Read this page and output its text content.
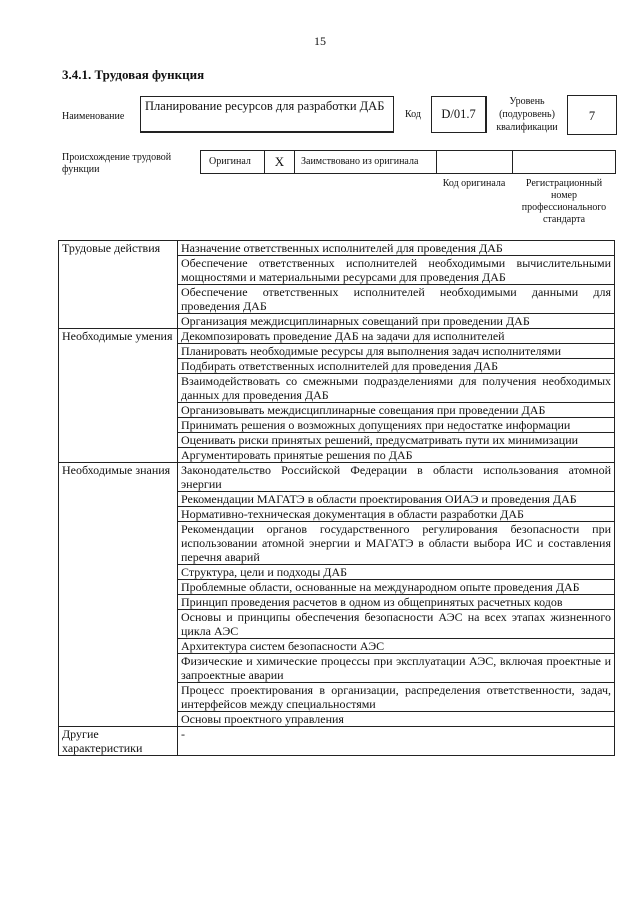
15
3.4.1. Трудовая функция
Наименование
Планирование ресурсов для разработки ДАБ
Код	D/01.7
Уровень (подуровень) квалификации
7
Происхождение трудовой функции
Оригинал	X	Заимствовано из оригинала
Код оригинала	Регистрационный номер профессионального стандарта
Трудовые действия	Назначение ответственных исполнителей для проведения ДАБ
	Обеспечение ответственных исполнителей необходимыми вычислительными мощностями и материальными ресурсами для проведения ДАБ
	Обеспечение ответственных исполнителей необходимыми данными для проведения ДАБ
	Организация междисциплинарных совещаний при проведении ДАБ
Необходимые умения	Декомпозировать проведение ДАБ на задачи для исполнителей
	Планировать необходимые ресурсы для выполнения задач исполнителями
	Подбирать ответственных исполнителей для проведения ДАБ
	Взаимодействовать со смежными подразделениями для получения необходимых данных для проведения ДАБ
	Организовывать междисциплинарные совещания при проведении ДАБ
	Принимать решения о возможных допущениях при недостатке информации
	Оценивать риски принятых решений, предусматривать пути их минимизации
	Аргументировать принятые решения по ДАБ
Необходимые знания	Законодательство Российской Федерации в области использования атомной энергии
	Рекомендации МАГАТЭ в области проектирования ОИАЭ и проведения ДАБ
	Нормативно-техническая документация в области разработки ДАБ
	Рекомендации органов государственного регулирования безопасности при использовании атомной энергии и МАГАТЭ в области выбора ИС и составления перечня аварий
	Структура, цели и подходы ДАБ
	Проблемные области, основанные на международном опыте проведения ДАБ
	Принцип проведения расчетов в одном из общепринятых расчетных кодов
	Основы и принципы обеспечения безопасности АЭС на всех этапах жизненного цикла АЭС
	Архитектура систем безопасности АЭС
	Физические и химические процессы при эксплуатации АЭС, включая проектные и запроектные аварии
	Процесс проектирования в организации, распределения ответственности, задач, интерфейсов между специальностями
	Основы проектного управления
Другие характеристики	-
